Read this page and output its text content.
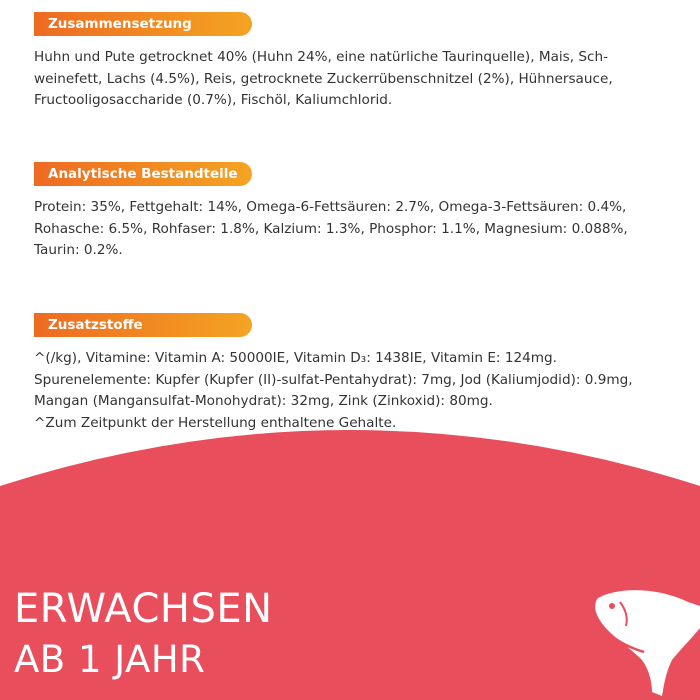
Zusammensetzung

Huhn und Pute getrocknet 40% (Huhn 24%, eine natürliche Taurinquelle), Mais, Sch-

weinefett, Lachs (4.5%), Reis, getrocknete Zuckerrübenschnitzel (2%), Hühnersauce,

Fructooligosaccharide (0.7%), Fischöl, Kaliumchlorid.

Analytische Bestandteile

Protein: 35%, Fettgehalt: 14%, Omega-6-Fettsäuren: 2.7%, Omega-3-Fettsäuren: 0.4%,

Rohasche: 6.5%, Rohfaser: 1.8%, Kalzium: 1.3%, Phosphor: 1.1%, Magnesium: 0.088%,

Taurin: 0.2%.

Zusatzstoffe

^(/kg), Vitamine: Vitamin A: 50000IE, Vitamin D₃: 1438IE, Vitamin E: 124mg.

Spurenelemente: Kupfer (Kupfer (II)-sulfat-Pentahydrat): 7mg, Jod (Kaliumjodid): 0.9mg,

Mangan (Mangansulfat-Monohydrat): 32mg, Zink (Zinkoxid): 80mg.

^Zum Zeitpunkt der Herstellung enthaltene Gehalte.

ERWACHSEN
AB 1 JAHR
